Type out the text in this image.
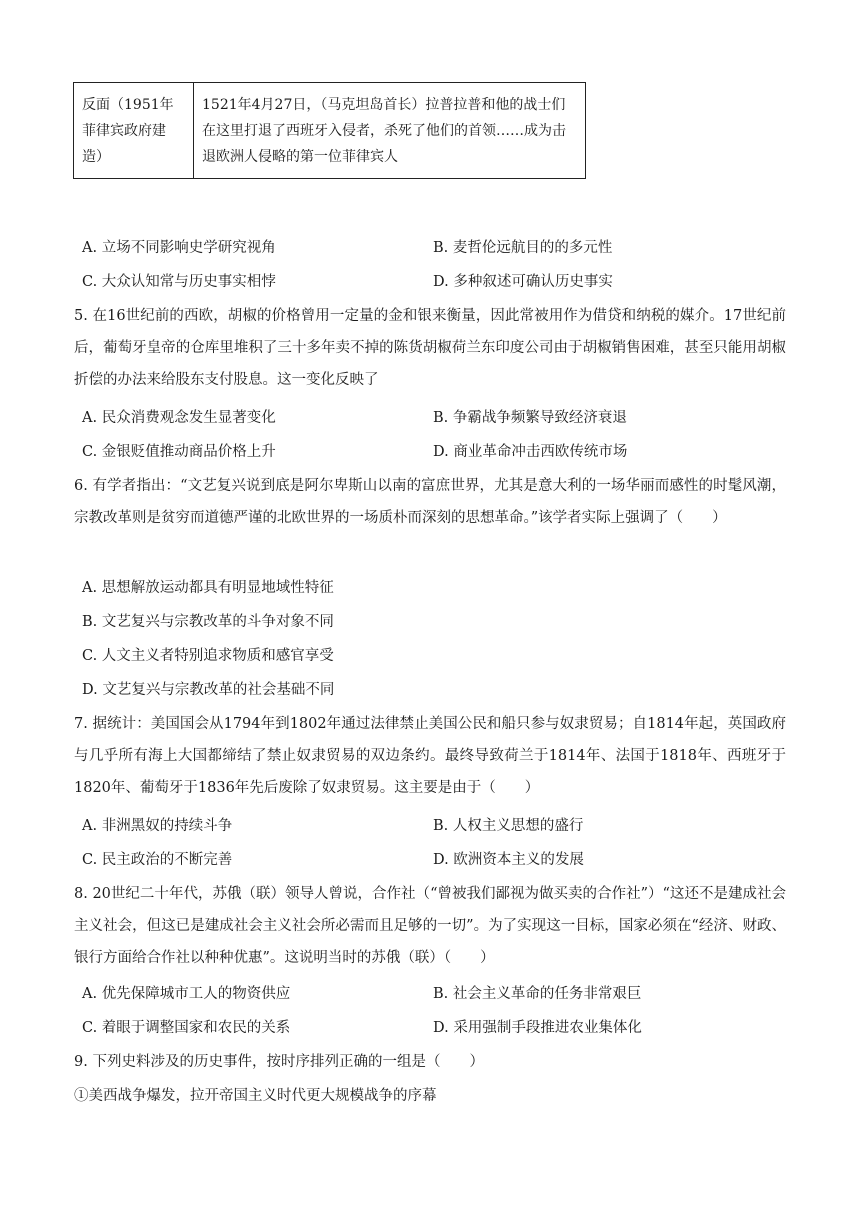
反面（1951年菲律宾政府建造）	1521年4月27日，（马克坦岛首长）拉普拉普和他的战士们在这里打退了西班牙入侵者，杀死了他们的首领……成为击退欧洲人侵略的第一位菲律宾人
A. 立场不同影响史学研究视角	B. 麦哲伦远航目的的多元性
C. 大众认知常与历史事实相悖	D. 多种叙述可确认历史事实
5. 在16世纪前的西欧，胡椒的价格曾用一定量的金和银来衡量，因此常被用作为借贷和纳税的媒介。17世纪前后，葡萄牙皇帝的仓库里堆积了三十多年卖不掉的陈货胡椒荷兰东印度公司由于胡椒销售困难，甚至只能用胡椒折偿的办法来给股东支付股息。这一变化反映了
A. 民众消费观念发生显著变化	B. 争霸战争频繁导致经济衰退
C. 金银贬值推动商品价格上升	D. 商业革命冲击西欧传统市场
6. 有学者指出：“文艺复兴说到底是阿尔卑斯山以南的富庶世界，尤其是意大利的一场华丽而感性的时髦风潮，宗教改革则是贫穷而道德严谨的北欧世界的一场质朴而深刻的思想革命。”该学者实际上强调了（　　）
A. 思想解放运动都具有明显地域性特征
B. 文艺复兴与宗教改革的斗争对象不同
C. 人文主义者特别追求物质和感官享受
D. 文艺复兴与宗教改革的社会基础不同
7. 据统计：美国国会从1794年到1802年通过法律禁止美国公民和船只参与奴隶贸易；自1814年起，英国政府与几乎所有海上大国都缔结了禁止奴隶贸易的双边条约。最终导致荷兰于1814年、法国于1818年、西班牙于1820年、葡萄牙于1836年先后废除了奴隶贸易。这主要是由于（　　）
A. 非洲黑奴的持续斗争	B. 人权主义思想的盛行
C. 民主政治的不断完善	D. 欧洲资本主义的发展
8. 20世纪二十年代，苏俄（联）领导人曾说，合作社（“曾被我们鄙视为做买卖的合作社”）“这还不是建成社会主义社会，但这已是建成社会主义社会所必需而且足够的一切”。为了实现这一目标，国家必须在“经济、财政、银行方面给合作社以种种优惠”。这说明当时的苏俄（联）（　　）
A. 优先保障城市工人的物资供应	B. 社会主义革命的任务非常艰巨
C. 着眼于调整国家和农民的关系	D. 采用强制手段推进农业集体化
9. 下列史料涉及的历史事件，按时序排列正确的一组是（　　）
①美西战争爆发，拉开帝国主义时代更大规模战争的序幕
